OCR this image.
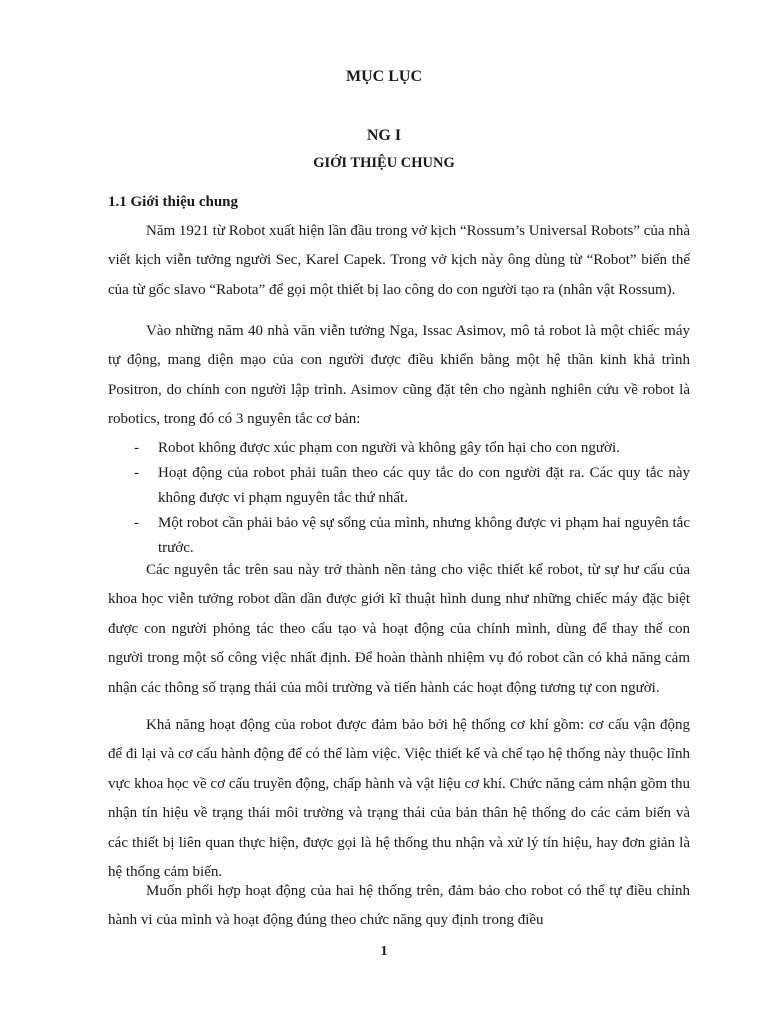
MỤC LỤC
NG I
GIỚI THIỆU CHUNG
1.1 Giới thiệu chung

Năm 1921 từ Robot xuất hiện lần đầu trong vở kịch “Rossum’s Universal Robots” của nhà viết kịch viễn tưởng người Sec, Karel Capek. Trong vở kịch này ông dùng từ “Robot” biến thể của từ gốc slavo “Rabota” để gọi một thiết bị lao công do con người tạo ra (nhân vật Rossum).

Vào những năm 40 nhà văn viễn tưởng Nga, Issac Asimov, mô tả robot là một chiếc máy tự động, mang diện mạo của con người được điều khiển bằng một hệ thần kinh khả trình Positron, do chính con người lập trình. Asimov cũng đặt tên cho ngành nghiên cứu về robot là robotics, trong đó có 3 nguyên tắc cơ bản:

- Robot không được xúc phạm con người và không gây tổn hại cho con người.
- Hoạt động của robot phải tuân theo các quy tắc do con người đặt ra. Các quy tắc này không được vi phạm nguyên tắc thứ nhất.
- Một robot cần phải bảo vệ sự sống của mình, nhưng không được vi phạm hai nguyên tắc trước.

Các nguyên tắc trên sau này trở thành nền tảng cho việc thiết kế robot, từ sự hư cấu của khoa học viễn tưởng robot dần dần được giới kĩ thuật hình dung như những chiếc máy đặc biệt được con người phỏng tác theo cấu tạo và hoạt động của chính mình, dùng để thay thế con người trong một số công việc nhất định. Để hoàn thành nhiệm vụ đó robot cần có khả năng cảm nhận các thông số trạng thái của môi trường và tiến hành các hoạt động tương tự con người.

Khả năng hoạt động của robot được đảm bảo bởi hệ thống cơ khí gồm: cơ cấu vận động để đi lại và cơ cấu hành động để có thể làm việc. Việc thiết kế và chế tạo hệ thống này thuộc lĩnh vực khoa học về cơ cấu truyền động, chấp hành và vật liệu cơ khí. Chức năng cảm nhận gồm thu nhận tín hiệu về trạng thái môi trường và trạng thái của bản thân hệ thống do các cảm biến và các thiết bị liên quan thực hiện, được gọi là hệ thống thu nhận và xử lý tín hiệu, hay đơn giản là hệ thống cảm biến.

Muốn phối hợp hoạt động của hai hệ thống trên, đảm bảo cho robot có thể tự điều chỉnh hành vi của mình và hoạt động đúng theo chức năng quy định trong điều

1
